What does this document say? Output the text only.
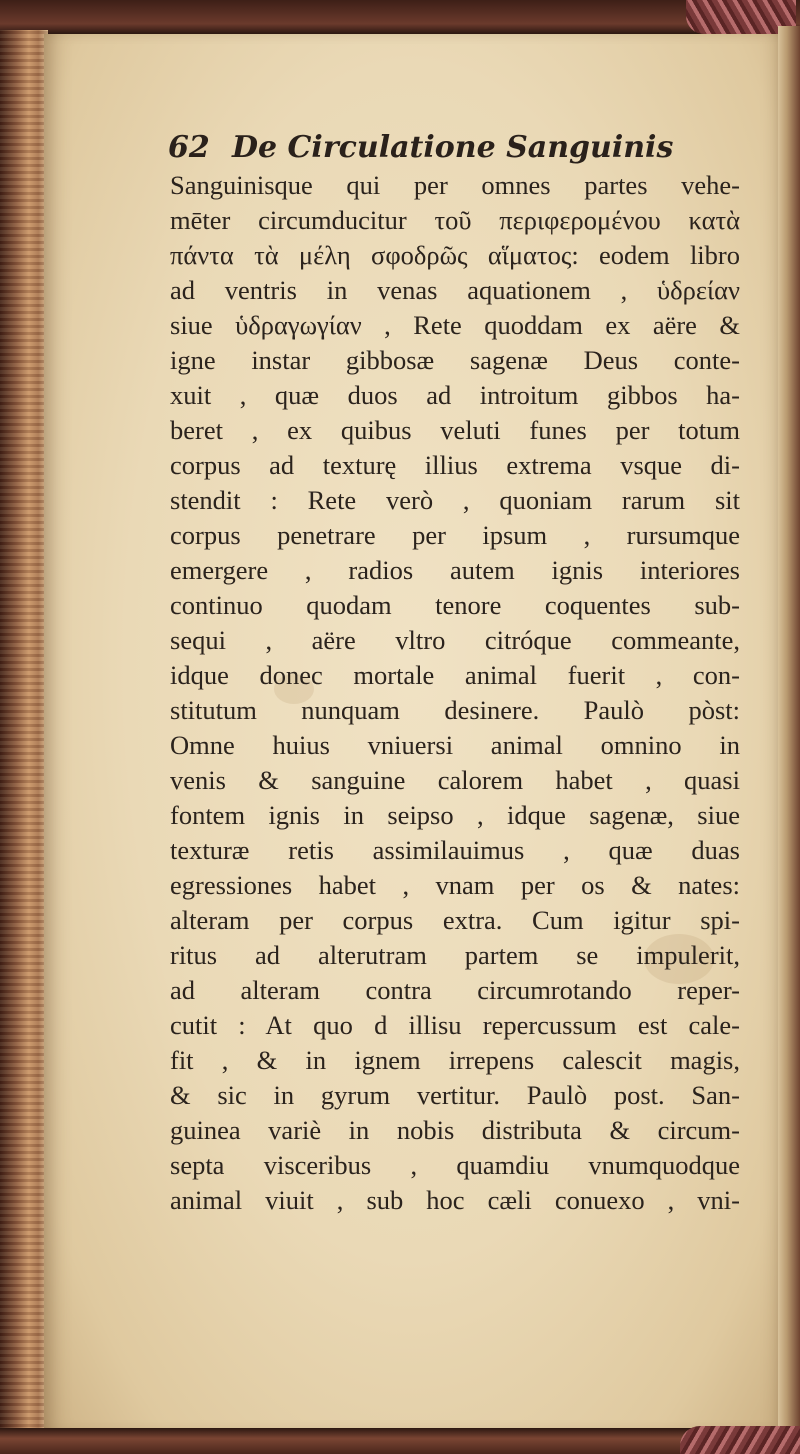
62 De Circulatione Sanguinis
Sanguinisque qui per omnes partes vehe-
mēter circumducitur τοῦ περιφερομένου κατὰ
πάντα τὰ μέλη σφοδρῶς αἵματος: eodem libro
ad ventris in venas aquationem , ὑδρείαν
siue ὑδραγωγίαν , Rete quoddam ex aëre &
igne instar gibbosæ sagenæ Deus conte-
xuit , quæ duos ad introitum gibbos ha-
beret , ex quibus veluti funes per totum
corpus ad texturę illius extrema vsque di-
stendit : Rete verò , quoniam rarum sit
corpus penetrare per ipsum , rursumque
emergere , radios autem ignis interiores
continuo quodam tenore coquentes sub-
sequi , aëre vltro citróque commeante,
idque donec mortale animal fuerit , con-
stitutum nunquam desinere. Paulò pòst:
Omne huius vniuersi animal omnino in
venis & sanguine calorem habet , quasi
fontem ignis in seipso , idque sagenæ, siue
texturæ retis assimilauimus , quæ duas
egressiones habet , vnam per os & nates:
alteram per corpus extra. Cum igitur spi-
ritus ad alterutram partem se impulerit,
ad alteram contra circumrotando reper-
cutit : At quo d illisu repercussum est cale-
fit , & in ignem irrepens calescit magis,
& sic in gyrum vertitur. Paulò post. San-
guinea variè in nobis distributa & circum-
septa visceribus , quamdiu vnumquodque
animal viuit , sub hoc cæli conuexo , vni-
